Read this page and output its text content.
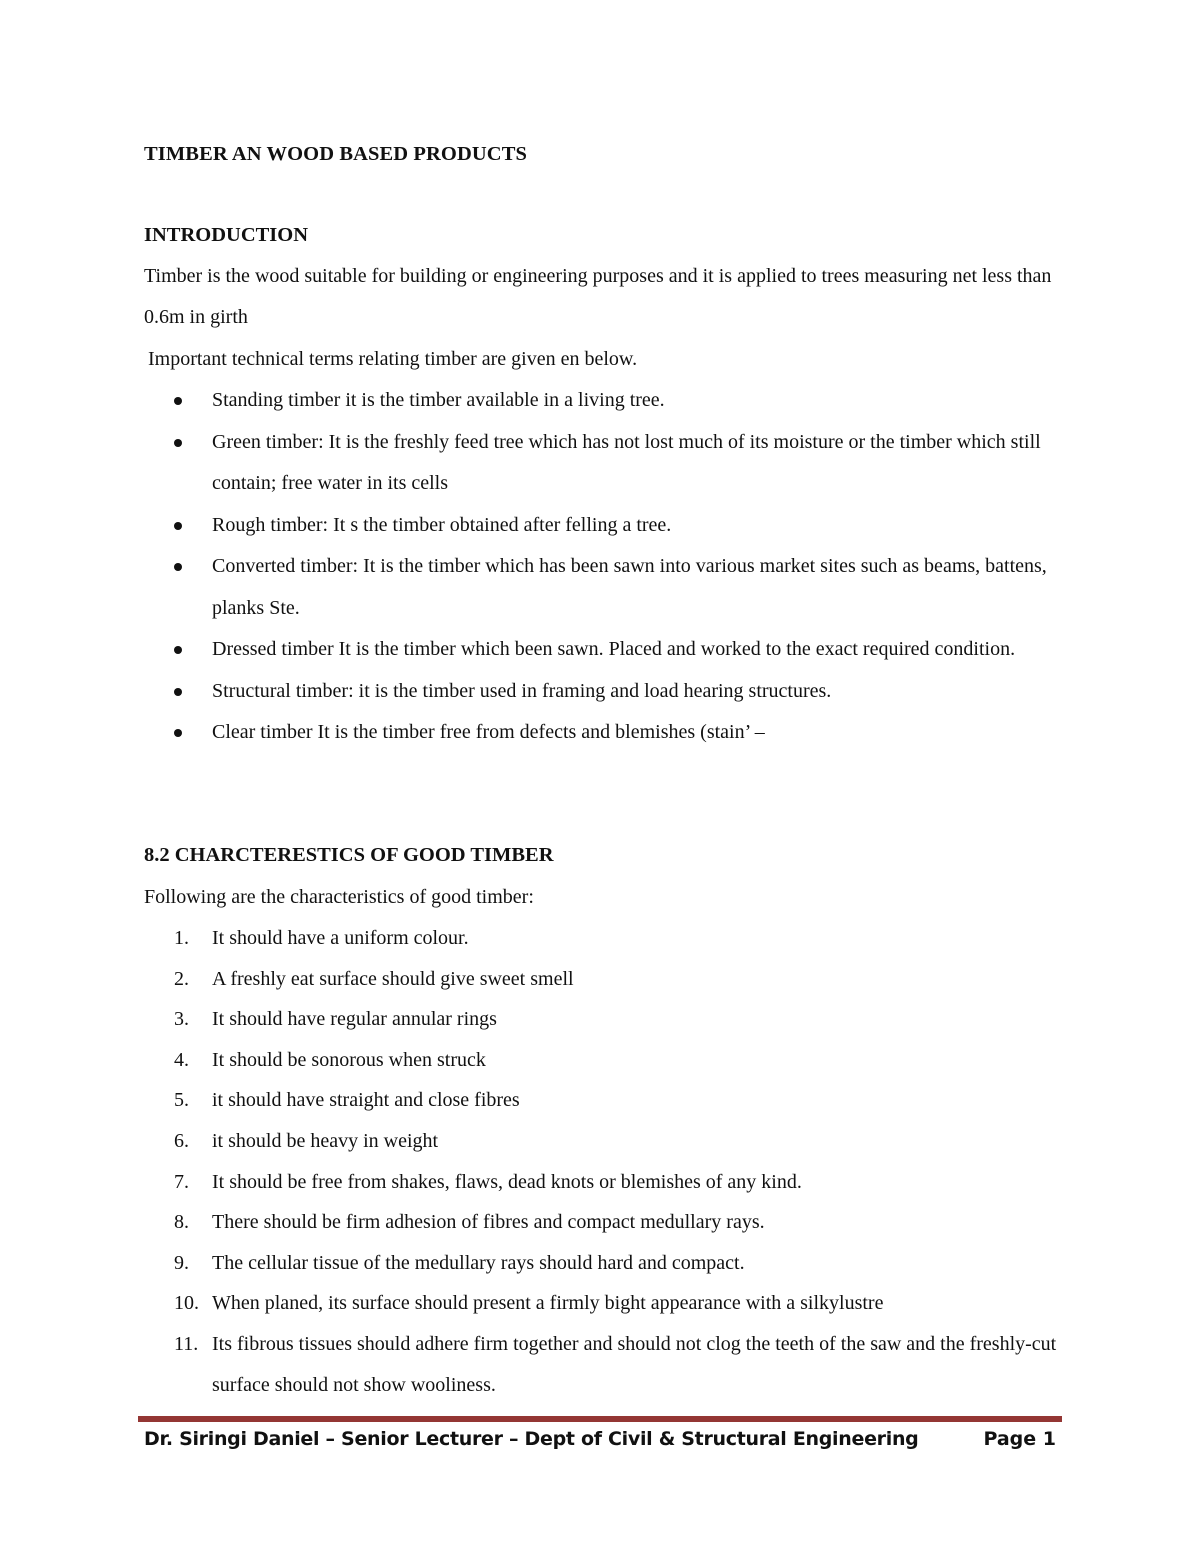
TIMBER AN WOOD BASED PRODUCTS
INTRODUCTION
Timber is the wood suitable for building or engineering purposes and it is applied to trees measuring net less than 0.6m in girth
Important technical terms relating timber are given en below.
Standing timber it is the timber available in a living tree.
Green timber: It is the freshly feed tree which has not lost much of its moisture or the timber which still contain; free water in its cells
Rough timber: It s the timber obtained after felling a tree.
Converted timber: It is the timber which has been sawn into various market sites such as beams, battens, planks Ste.
Dressed timber It is the timber which been sawn. Placed and worked to the exact required condition.
Structural timber: it is the timber used in framing and load hearing structures.
Clear timber It is the timber free from defects and blemishes (stain’ –
8.2 CHARCTERESTICS OF GOOD TIMBER
Following are the characteristics of good timber:
1. It should have a uniform colour.
2. A freshly eat surface should give sweet smell
3. It should have regular annular rings
4. It should be sonorous when struck
5. it should have straight and close fibres
6. it should be heavy in weight
7. It should be free from shakes, flaws, dead knots or blemishes of any kind.
8. There should be firm adhesion of fibres and compact medullary rays.
9. The cellular tissue of the medullary rays should hard and compact.
10. When planed, its surface should present a firmly bight appearance with a silkylustre
11. Its fibrous tissues should adhere firm together and should not clog the teeth of the saw and the freshly-cut surface should not show wooliness.
Dr. Siringi Daniel – Senior Lecturer – Dept of Civil & Structural Engineering	Page 1
